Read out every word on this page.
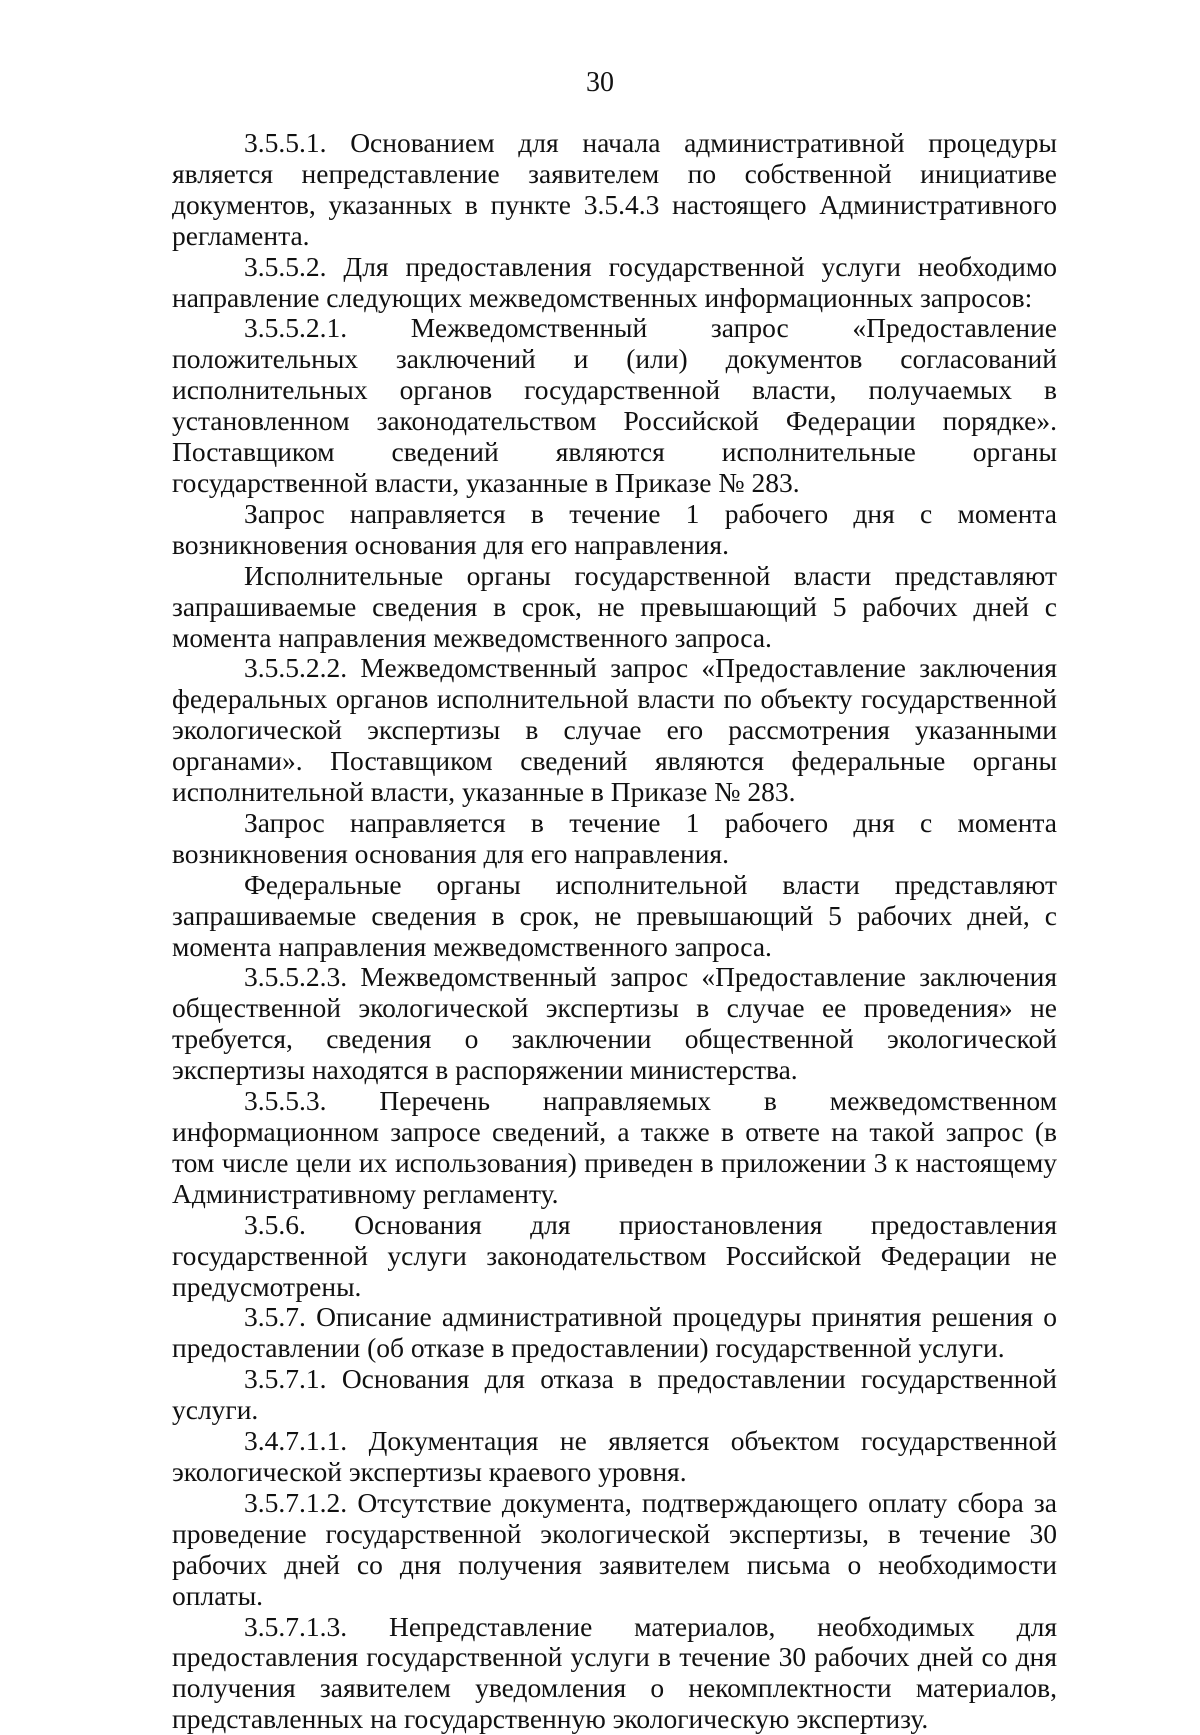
30

3.5.5.1. Основанием для начала административной процедуры является непредставление заявителем по собственной инициативе документов, указанных в пункте 3.5.4.3 настоящего Административного регламента.

3.5.5.2. Для предоставления государственной услуги необходимо направление следующих межведомственных информационных запросов:

3.5.5.2.1. Межведомственный запрос «Предоставление положительных заключений и (или) документов согласований исполнительных органов государственной власти, получаемых в установленном законодательством Российской Федерации порядке». Поставщиком сведений являются исполнительные органы государственной власти, указанные в Приказе № 283.

Запрос направляется в течение 1 рабочего дня с момента возникновения основания для его направления.

Исполнительные органы государственной власти представляют запрашиваемые сведения в срок, не превышающий 5 рабочих дней с момента направления межведомственного запроса.

3.5.5.2.2. Межведомственный запрос «Предоставление заключения федеральных органов исполнительной власти по объекту государственной экологической экспертизы в случае его рассмотрения указанными органами». Поставщиком сведений являются федеральные органы исполнительной власти, указанные в Приказе № 283.

Запрос направляется в течение 1 рабочего дня с момента возникновения основания для его направления.

Федеральные органы исполнительной власти представляют запрашиваемые сведения в срок, не превышающий 5 рабочих дней, с момента направления межведомственного запроса.

3.5.5.2.3. Межведомственный запрос «Предоставление заключения общественной экологической экспертизы в случае ее проведения» не требуется, сведения о заключении общественной экологической экспертизы находятся в распоряжении министерства.

3.5.5.3. Перечень направляемых в межведомственном информационном запросе сведений, а также в ответе на такой запрос (в том числе цели их использования) приведен в приложении 3 к настоящему Административному регламенту.

3.5.6. Основания для приостановления предоставления государственной услуги законодательством Российской Федерации не предусмотрены.

3.5.7. Описание административной процедуры принятия решения о предоставлении (об отказе в предоставлении) государственной услуги.

3.5.7.1. Основания для отказа в предоставлении государственной услуги.

3.4.7.1.1. Документация не является объектом государственной экологической экспертизы краевого уровня.

3.5.7.1.2. Отсутствие документа, подтверждающего оплату сбора за проведение государственной экологической экспертизы, в течение 30 рабочих дней со дня получения заявителем письма о необходимости оплаты.

3.5.7.1.3. Непредставление материалов, необходимых для предоставления государственной услуги в течение 30 рабочих дней со дня получения заявителем уведомления о некомплектности материалов, представленных на государственную экологическую экспертизу.
